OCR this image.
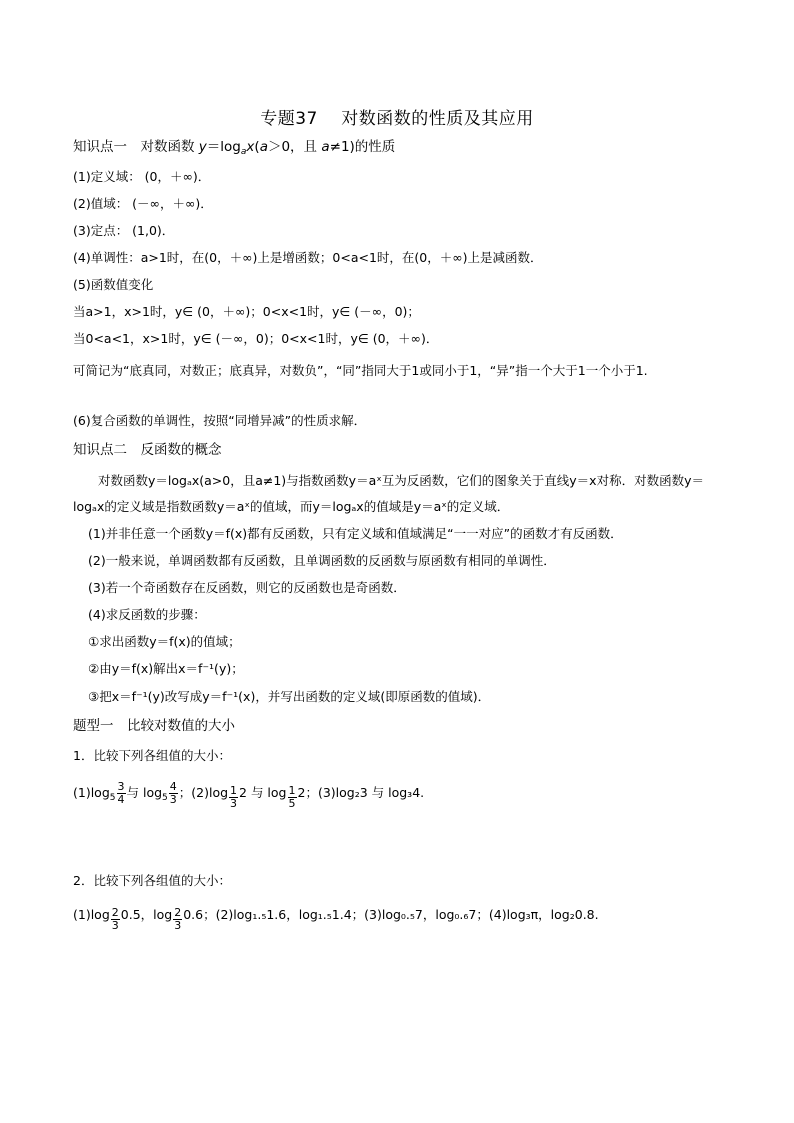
专题37　 对数函数的性质及其应用
知识点一　对数函数 $y=\log_ax(a>0$，且 a≠1)的性质
(1)定义域： (0，＋∞)．
(2)值域： (－∞，＋∞)．
(3)定点： (1,0)．
(4)单调性：a>1时，在(0，＋∞)上是增函数；0<a<1时，在(0，＋∞)上是减函数．
(5)函数值变化
当a>1，x>1时，y∈ (0，＋∞)；0<x<1时，y∈ (－∞，0)；
当0<a<1，x>1时，y∈ (－∞，0)；0<x<1时，y∈ (0，＋∞)．
可简记为“底真同，对数正；底真异，对数负”，“同”指同大于1或同小于1，“异”指一个大于1一个小于1.
(6)复合函数的单调性，按照“同增异减”的性质求解．
知识点二　反函数的概念
对数函数y＝logₐx(a>0，且a≠1)与指数函数y＝aˣ互为反函数，它们的图象关于直线y＝x对称．对数函数y＝logₐx的定义域是指数函数y＝aˣ的值域，而y＝logₐx的值域是y＝aˣ的定义域．
(1)并非任意一个函数y＝f(x)都有反函数，只有定义域和值域满足“一一对应”的函数才有反函数．
(2)一般来说，单调函数都有反函数，且单调函数的反函数与原函数有相同的单调性．
(3)若一个奇函数存在反函数，则它的反函数也是奇函数．
(4)求反函数的步骤：
①求出函数y＝f(x)的值域；
②由y＝f(x)解出x＝f⁻¹(y)；
③把x＝f⁻¹(y)改写成y＝f⁻¹(x)，并写出函数的定义域(即原函数的值域)．
题型一　比较对数值的大小
1．比较下列各组值的大小：
$(1)\log_5 \frac{3}{4}$ 与 $\log_5 \frac{4}{3}$ ；(2)log $_{\frac{1}{3}}$ 2 与 log $_{\frac{1}{5}}$ 2；(3)log₂3 与 log₃4.
2．比较下列各组值的大小：
(1)log $_{\frac{2}{3}}$ 0.5，log $_{\frac{2}{3}}$ 0.6；(2)log₁.₅1.6，log₁.₅1.4；(3)log₀.₅7，log₀.₆7；(4)log₃π，log₂0.8.
